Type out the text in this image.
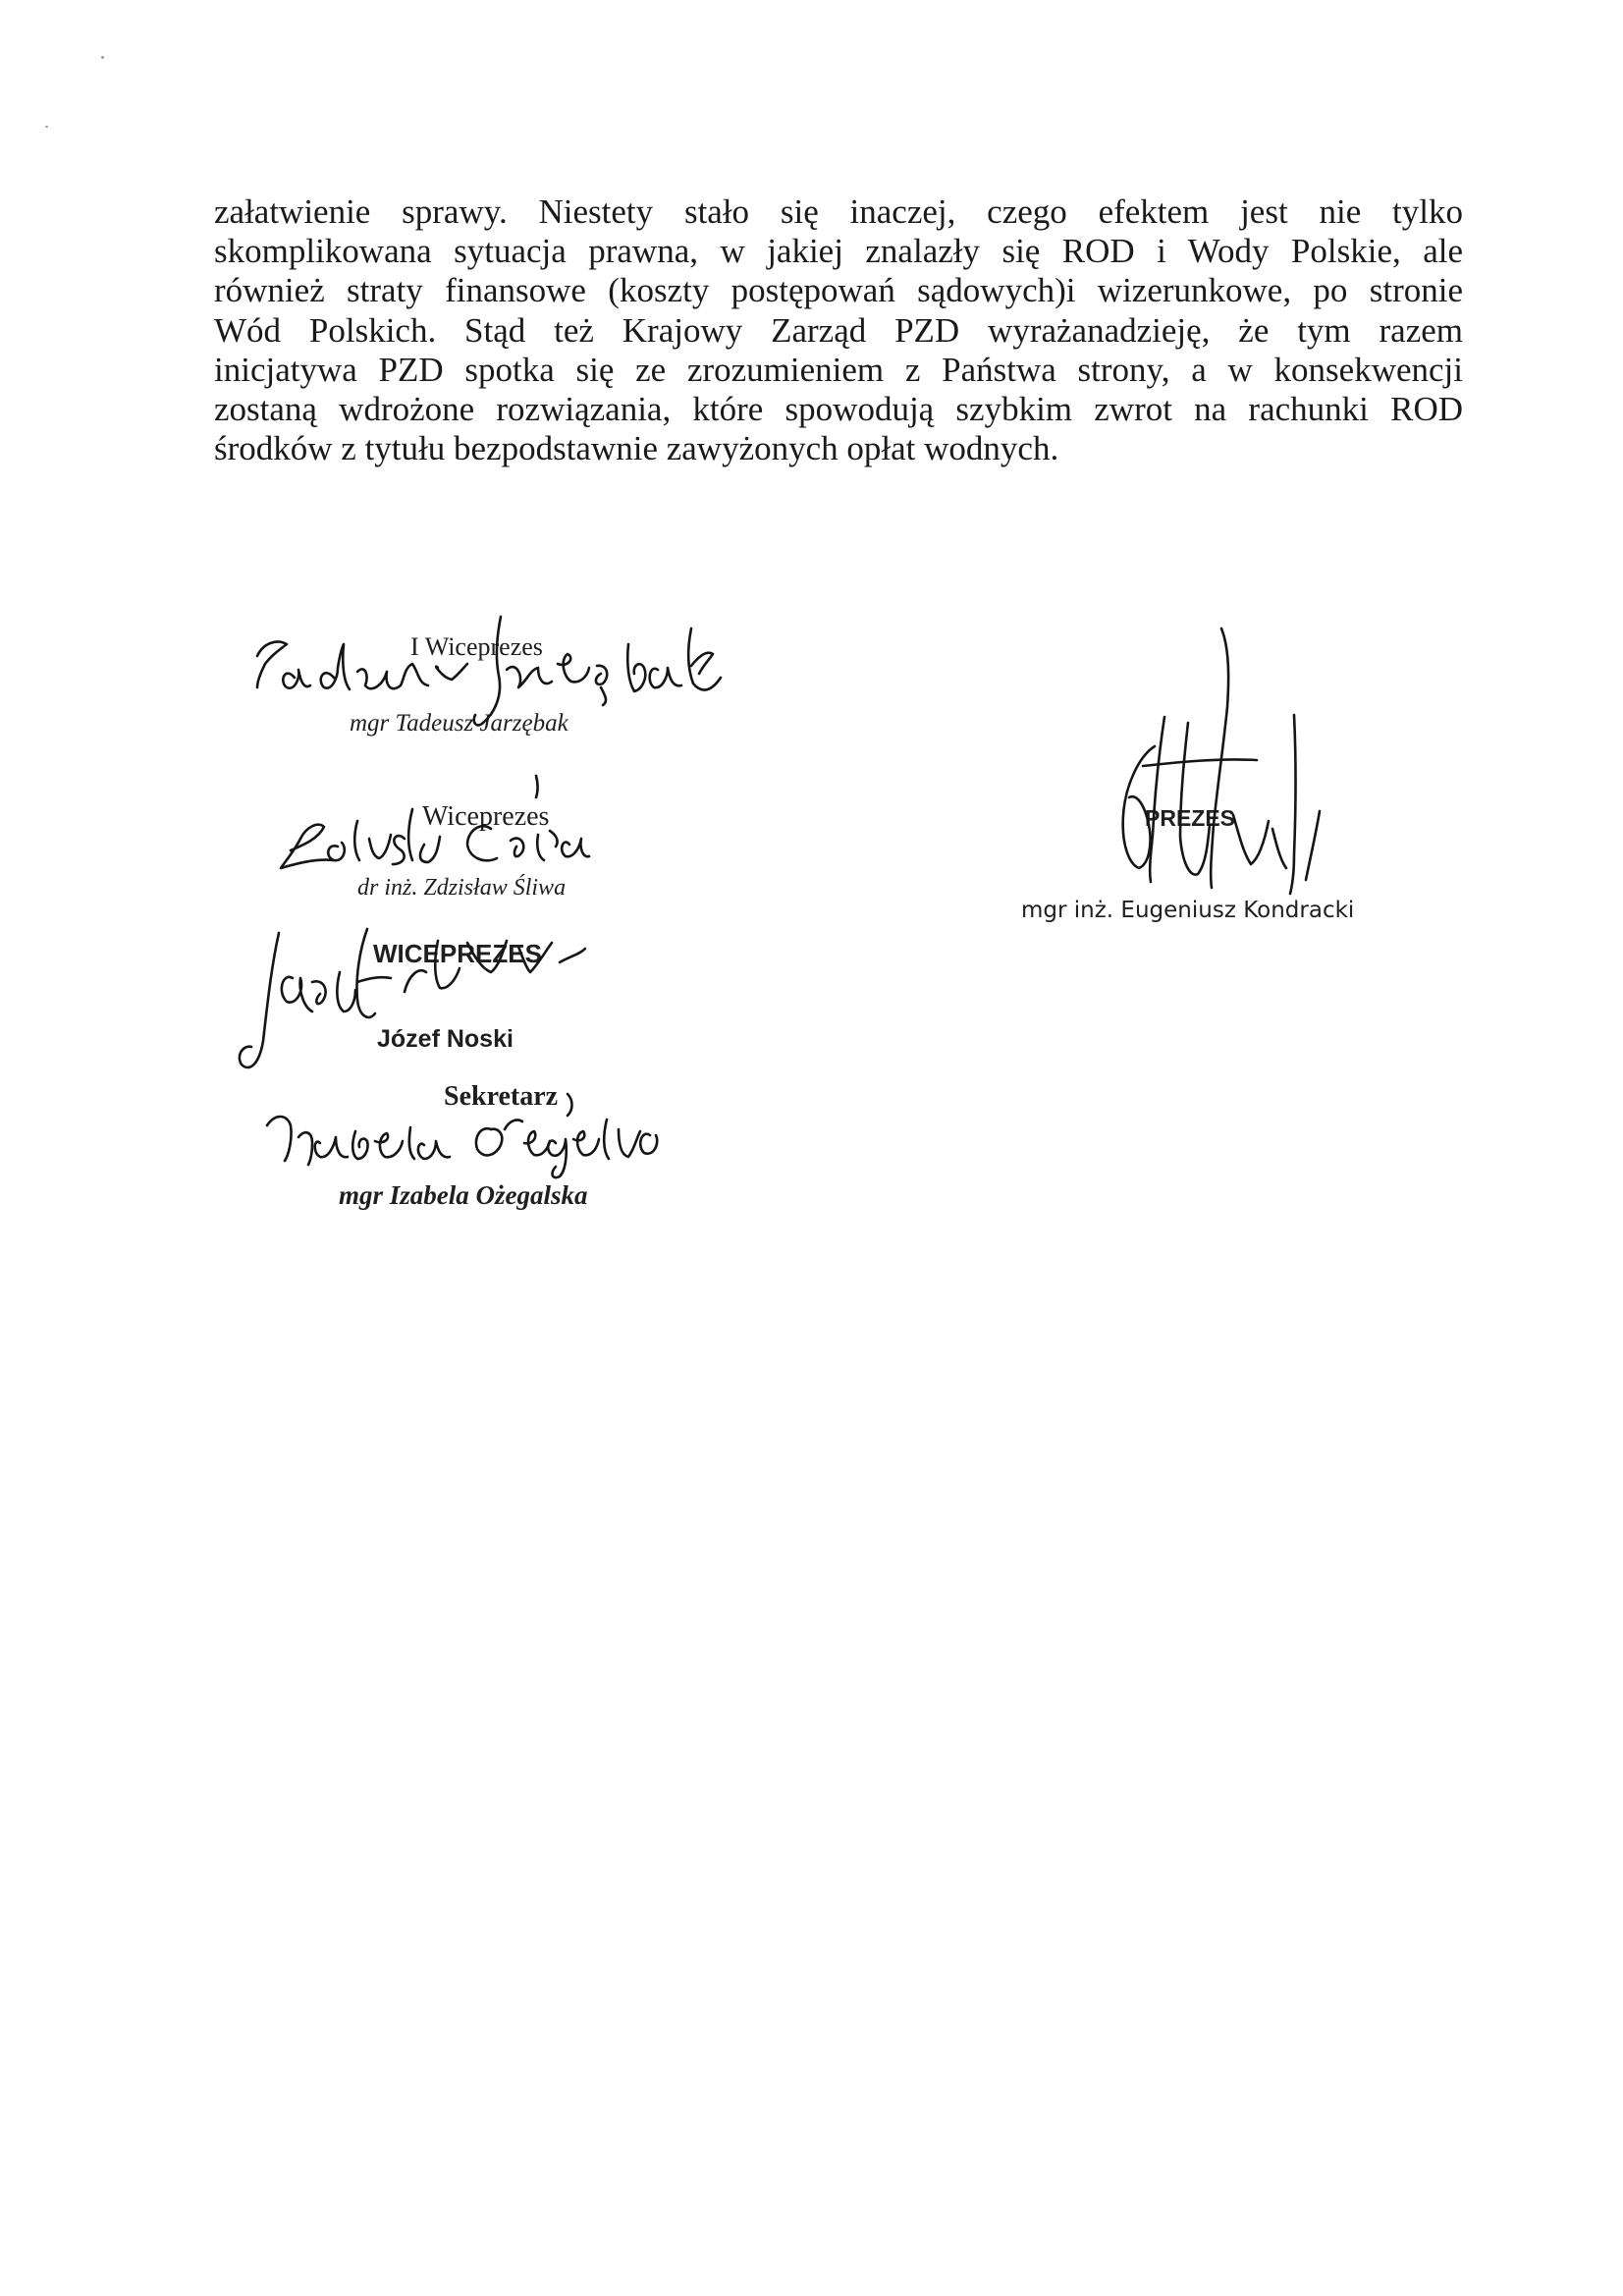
załatwienie sprawy. Niestety stało się inaczej, czego efektem jest nie tylko
skomplikowana sytuacja prawna, w jakiej znalazły się ROD i Wody Polskie, ale
również straty finansowe (koszty postępowań sądowych)i wizerunkowe, po stronie
Wód Polskich. Stąd też Krajowy Zarząd PZD wyrażanadzieję, że tym razem
inicjatywa PZD spotka się ze zrozumieniem z Państwa strony, a w konsekwencji
zostaną wdrożone rozwiązania, które spowodują szybkim zwrot na rachunki ROD
środków z tytułu bezpodstawnie zawyżonych opłat wodnych.
I Wiceprezes
mgr Tadeusz Jarzębak
Wiceprezes
dr inż. Zdzisław Śliwa
WICEPREZES
Józef Noski
Sekretarz
mgr Izabela Ożegalska
PREZES
mgr inż. Eugeniusz Kondracki
